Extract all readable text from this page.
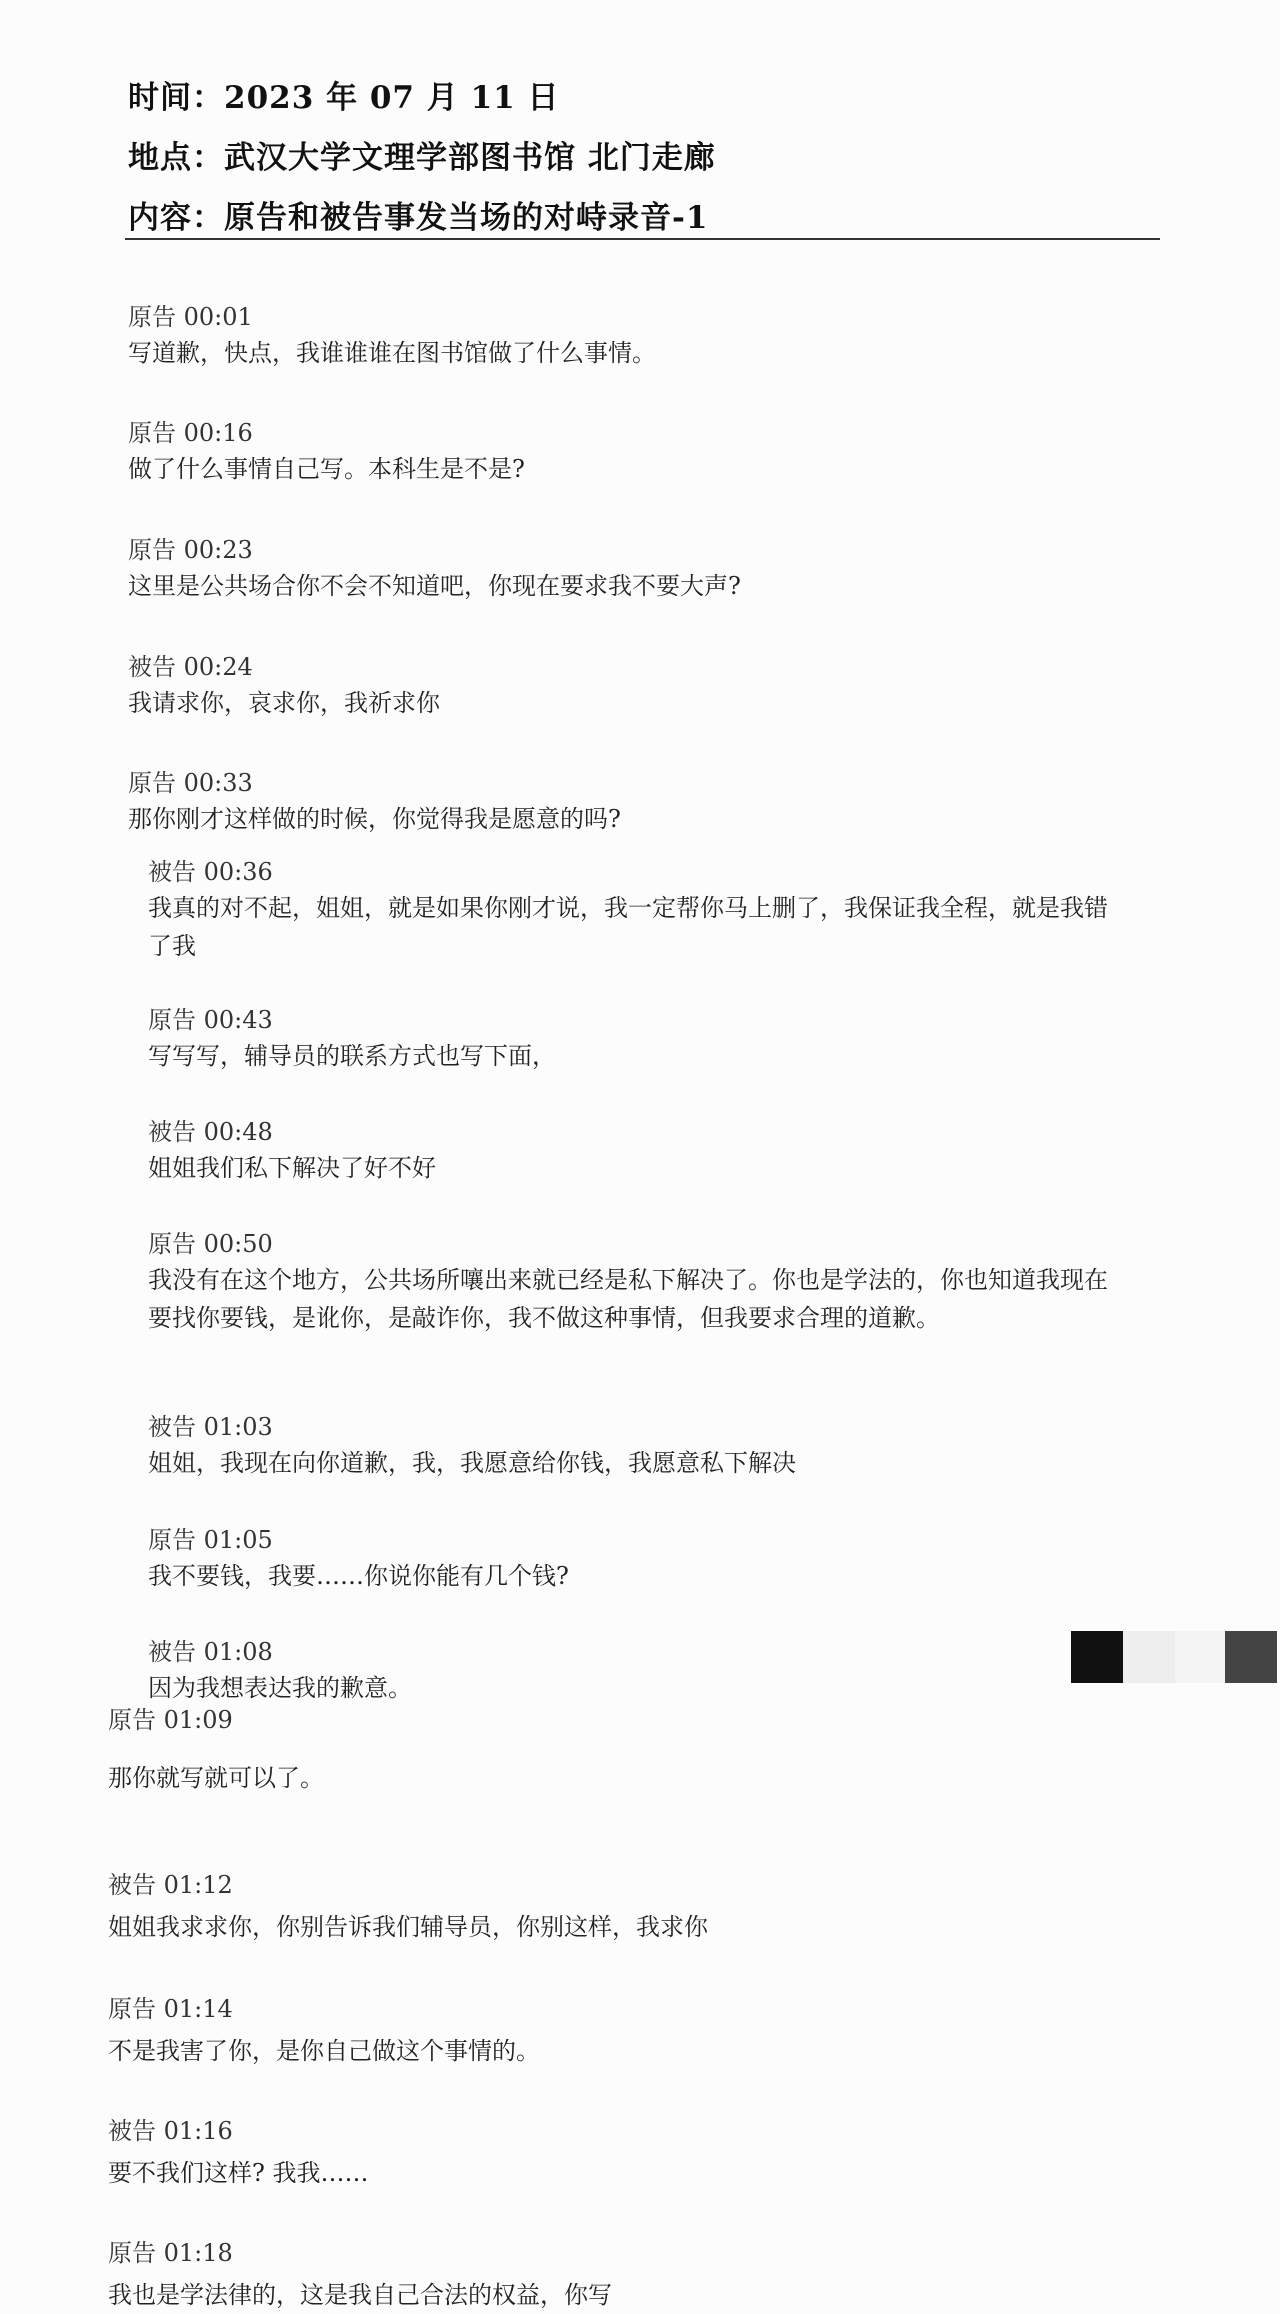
时间：2023 年 07 月 11 日
地点：武汉大学文理学部图书馆 北门走廊
内容：原告和被告事发当场的对峙录音-1
原告 00:01
写道歉，快点，我谁谁谁在图书馆做了什么事情。
原告 00:16
做了什么事情自己写。本科生是不是?
原告 00:23
这里是公共场合你不会不知道吧，你现在要求我不要大声?
被告 00:24
我请求你，哀求你，我祈求你
原告 00:33
那你刚才这样做的时候，你觉得我是愿意的吗?
被告 00:36
我真的对不起，姐姐，就是如果你刚才说，我一定帮你马上删了，我保证我全程，就是我错了我
原告 00:43
写写写，辅导员的联系方式也写下面，
被告 00:48
姐姐我们私下解决了好不好
原告 00:50
我没有在这个地方，公共场所嚷出来就已经是私下解决了。你也是学法的，你也知道我现在要找你要钱，是讹你，是敲诈你，我不做这种事情，但我要求合理的道歉。
被告 01:03
姐姐，我现在向你道歉，我，我愿意给你钱，我愿意私下解决
原告 01:05
我不要钱，我要……你说你能有几个钱?
被告 01:08
因为我想表达我的歉意。
原告 01:09
那你就写就可以了。
被告 01:12
姐姐我求求你，你别告诉我们辅导员，你别这样，我求你
原告 01:14
不是我害了你，是你自己做这个事情的。
被告 01:16
要不我们这样? 我我……
原告 01:18
我也是学法律的，这是我自己合法的权益，你写
